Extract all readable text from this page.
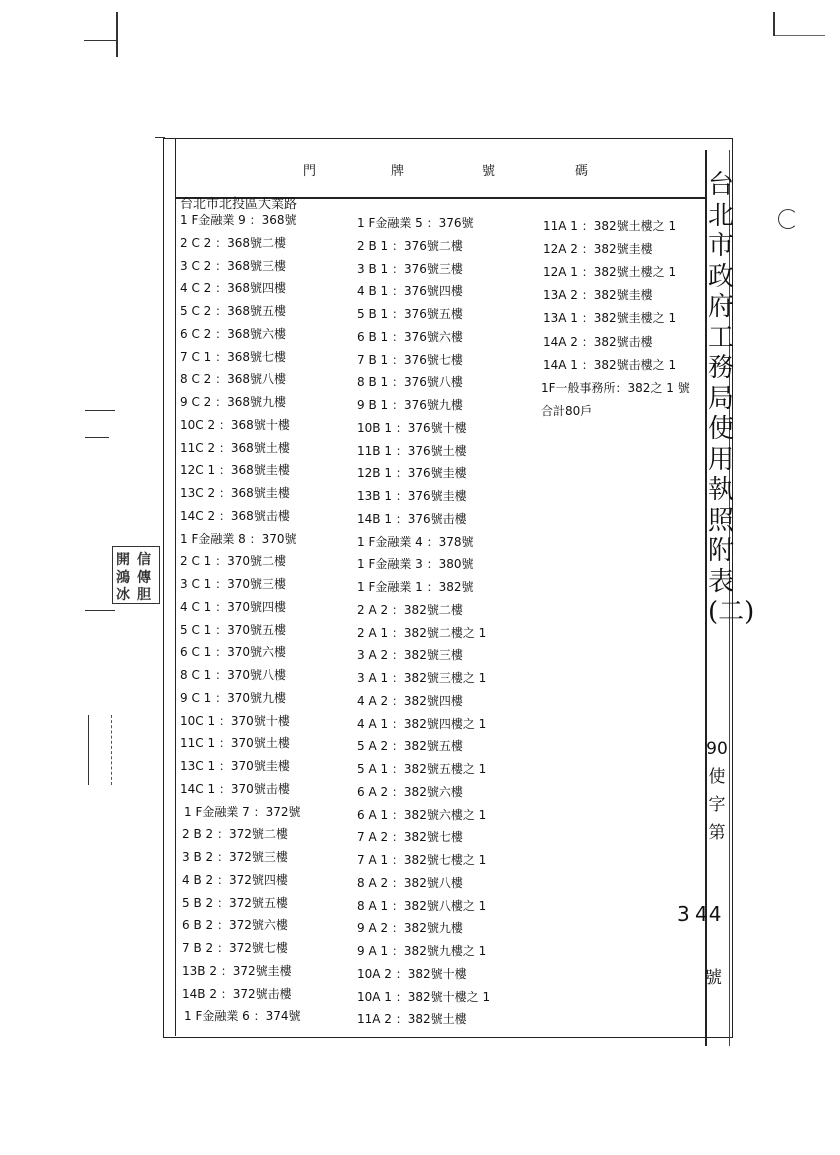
開 信
鴻 傳
冰 胆
門	牌	號	碼
台北市北投區大業路
1 F金融業 9 ：368號
2 C 2 ：368號二樓
3 C 2 ：368號三樓
4 C 2 ：368號四樓
5 C 2 ：368號五樓
6 C 2 ：368號六樓
7 C 1 ：368號七樓
8 C 2 ：368號八樓
9 C 2 ：368號九樓
10C 2 ：368號十樓
11C 2 ：368號土樓
12C 1 ：368號圭樓
13C 2 ：368號圭樓
14C 2 ：368號击樓
1 F金融業 8 ：370號
2 C 1 ：370號二樓
3 C 1 ：370號三樓
4 C 1 ：370號四樓
5 C 1 ：370號五樓
6 C 1 ：370號六樓
8 C 1 ：370號八樓
9 C 1 ：370號九樓
10C 1 ：370號十樓
11C 1 ：370號土樓
13C 1 ：370號圭樓
14C 1 ：370號击樓
1 F金融業 7 ：372號
2 B 2 ：372號二樓
3 B 2 ：372號三樓
4 B 2 ：372號四樓
5 B 2 ：372號五樓
6 B 2 ：372號六樓
7 B 2 ：372號七樓
13B 2 ：372號圭樓
14B 2 ：372號击樓
1 F金融業 6 ：374號
1 F金融業 5 ：376號
2 B 1 ：376號二樓
3 B 1 ：376號三樓
4 B 1 ：376號四樓
5 B 1 ：376號五樓
6 B 1 ：376號六樓
7 B 1 ：376號七樓
8 B 1 ：376號八樓
9 B 1 ：376號九樓
10B 1 ：376號十樓
11B 1 ：376號土樓
12B 1 ：376號圭樓
13B 1 ：376號圭樓
14B 1 ：376號击樓
1 F金融業 4 ：378號
1 F金融業 3 ：380號
1 F金融業 1 ：382號
2 A 2 ：382號二樓
2 A 1 ：382號二樓之 1
3 A 2 ：382號三樓
3 A 1 ：382號三樓之 1
4 A 2 ：382號四樓
4 A 1 ：382號四樓之 1
5 A 2 ：382號五樓
5 A 1 ：382號五樓之 1
6 A 2 ：382號六樓
6 A 1 ：382號六樓之 1
7 A 2 ：382號七樓
7 A 1 ：382號七樓之 1
8 A 2 ：382號八樓
8 A 1 ：382號八樓之 1
9 A 2 ：382號九樓
9 A 1 ：382號九樓之 1
10A 2 ：382號十樓
10A 1 ：382號十樓之 1
11A 2 ：382號土樓
11A 1 ：382號土樓之 1
12A 2 ：382號圭樓
12A 1 ：382號土樓之 1
13A 2 ：382號圭樓
13A 1 ：382號圭樓之 1
14A 2 ：382號击樓
14A 1 ：382號击樓之 1
1F一般事務所：382之 1 號
合計80戶
台北市政府工務局使用執照附表(二)
90
使
字
第
3 44
號
